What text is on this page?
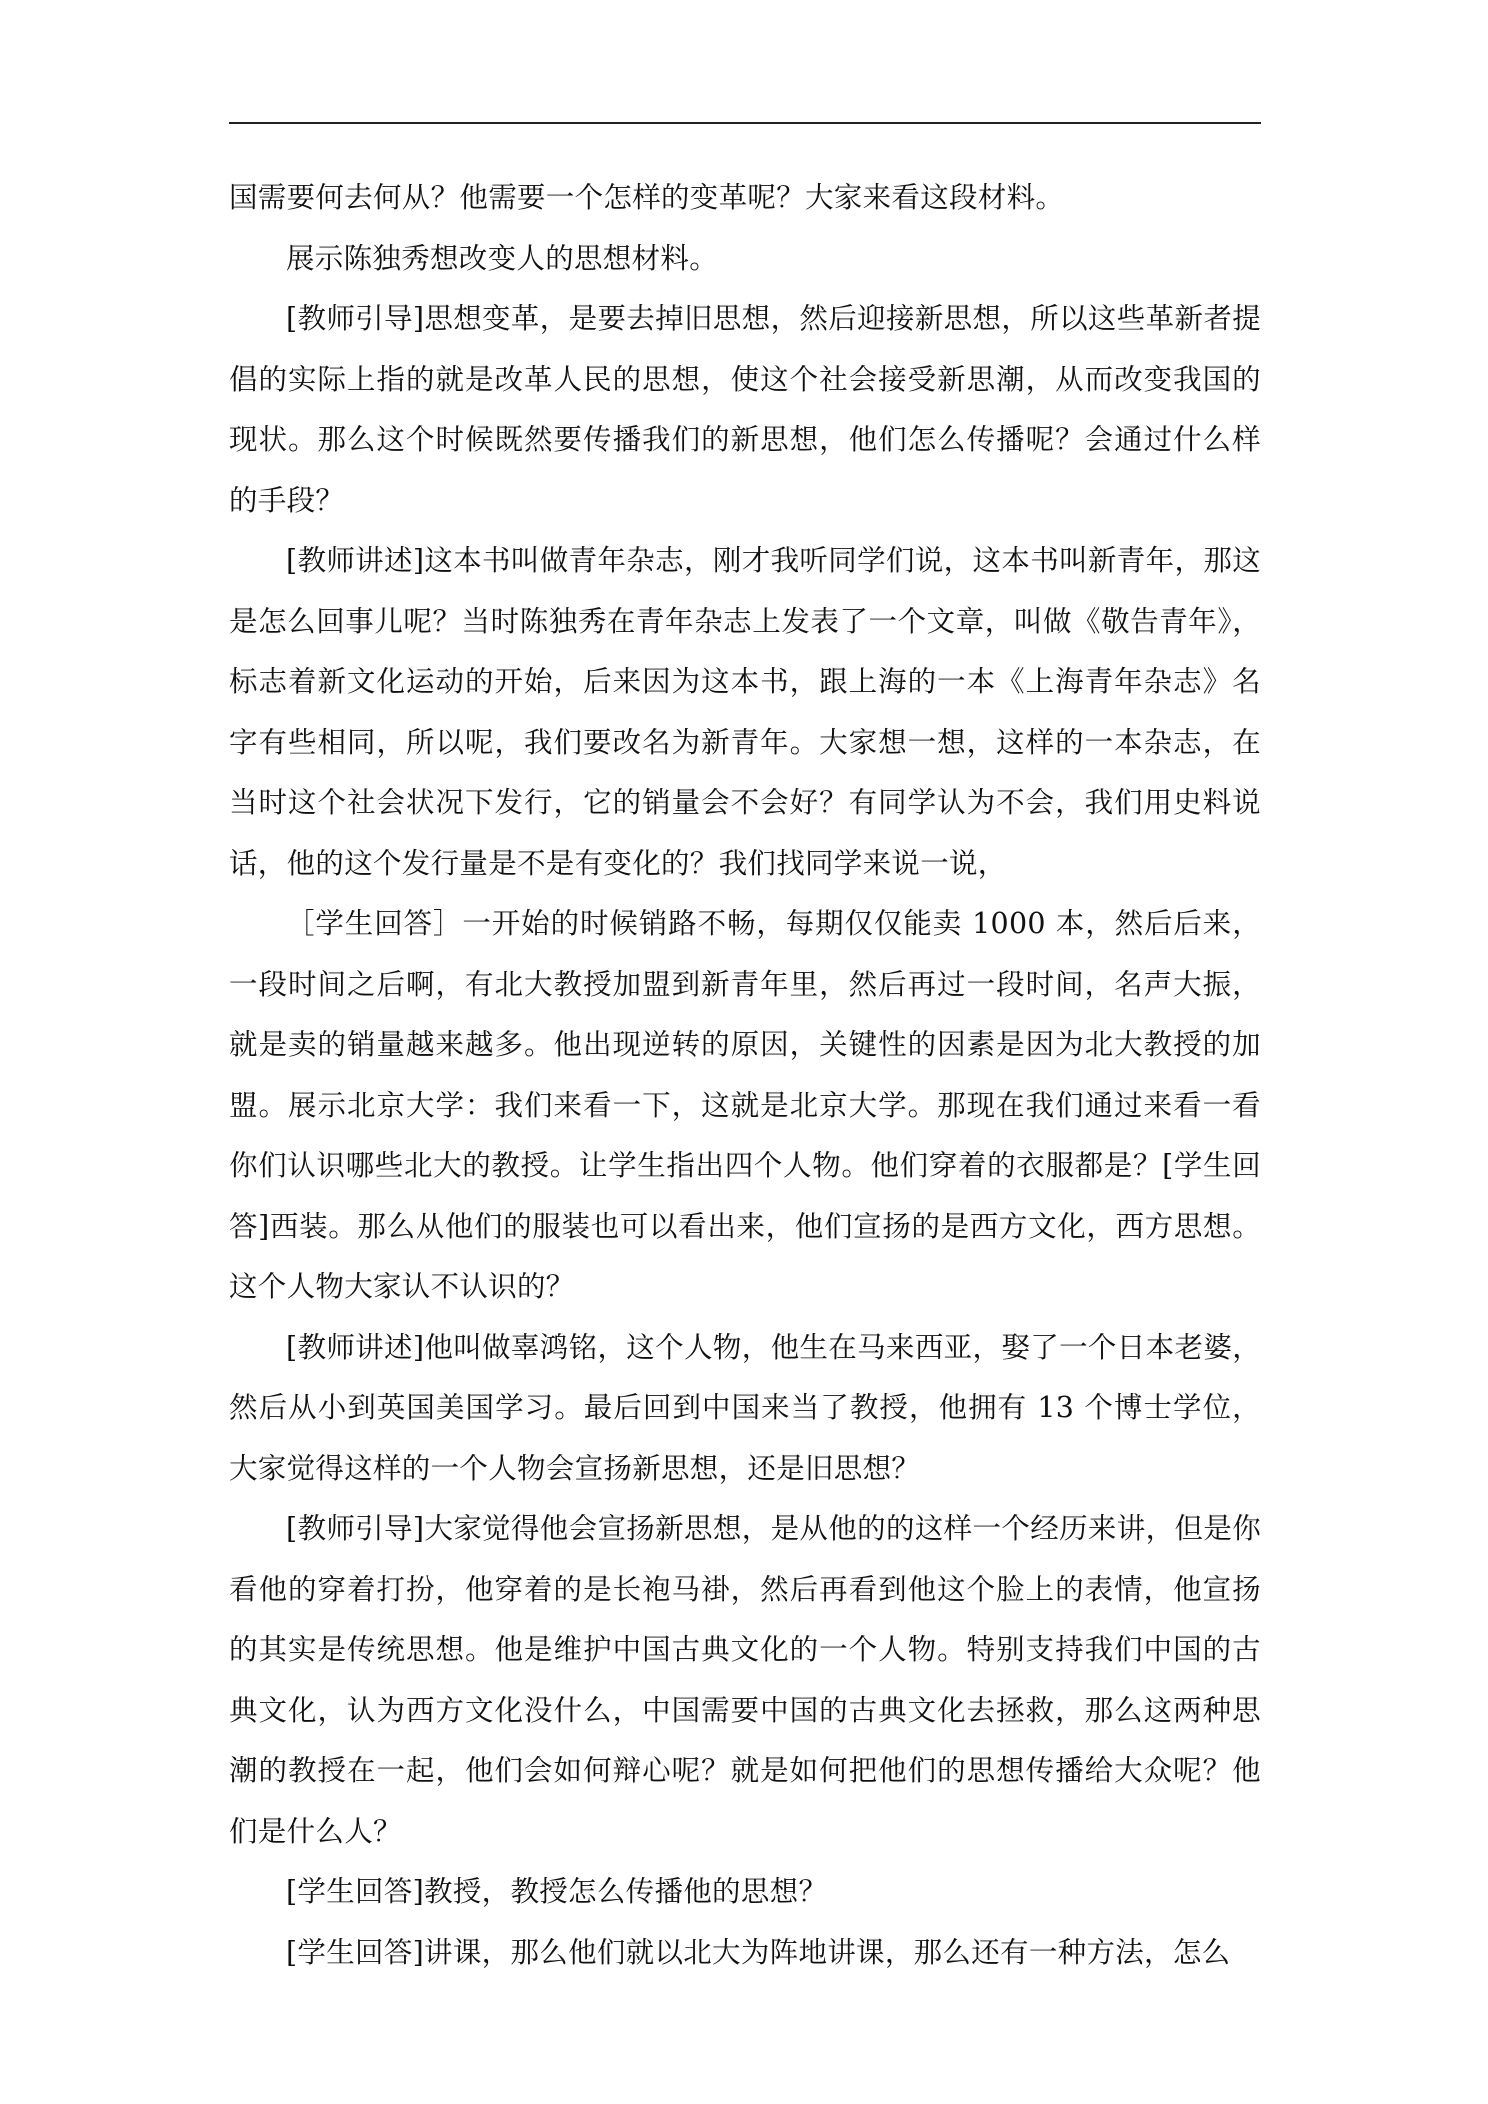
国需要何去何从？他需要一个怎样的变革呢？大家来看这段材料。

展示陈独秀想改变人的思想材料。

[教师引导]思想变革，是要去掉旧思想，然后迎接新思想，所以这些革新者提倡的实际上指的就是改革人民的思想，使这个社会接受新思潮，从而改变我国的现状。那么这个时候既然要传播我们的新思想，他们怎么传播呢？会通过什么样的手段？

[教师讲述]这本书叫做青年杂志，刚才我听同学们说，这本书叫新青年，那这是怎么回事儿呢？当时陈独秀在青年杂志上发表了一个文章，叫做《敬告青年》，标志着新文化运动的开始，后来因为这本书，跟上海的一本《上海青年杂志》名字有些相同，所以呢，我们要改名为新青年。大家想一想，这样的一本杂志，在当时这个社会状况下发行，它的销量会不会好？有同学认为不会，我们用史料说话，他的这个发行量是不是有变化的？我们找同学来说一说，

［学生回答］一开始的时候销路不畅，每期仅仅能卖 1000 本，然后后来，一段时间之后啊，有北大教授加盟到新青年里，然后再过一段时间，名声大振，就是卖的销量越来越多。他出现逆转的原因，关键性的因素是因为北大教授的加盟。展示北京大学：我们来看一下，这就是北京大学。那现在我们通过来看一看你们认识哪些北大的教授。让学生指出四个人物。他们穿着的衣服都是？[学生回答]西装。那么从他们的服装也可以看出来，他们宣扬的是西方文化，西方思想。这个人物大家认不认识的？

[教师讲述]他叫做辜鸿铭，这个人物，他生在马来西亚，娶了一个日本老婆，然后从小到英国美国学习。最后回到中国来当了教授，他拥有 13 个博士学位，大家觉得这样的一个人物会宣扬新思想，还是旧思想？

[教师引导]大家觉得他会宣扬新思想，是从他的的这样一个经历来讲，但是你看他的穿着打扮，他穿着的是长袍马褂，然后再看到他这个脸上的表情，他宣扬的其实是传统思想。他是维护中国古典文化的一个人物。特别支持我们中国的古典文化，认为西方文化没什么，中国需要中国的古典文化去拯救，那么这两种思潮的教授在一起，他们会如何辩心呢？就是如何把他们的思想传播给大众呢？他们是什么人？

[学生回答]教授，教授怎么传播他的思想？

[学生回答]讲课，那么他们就以北大为阵地讲课，那么还有一种方法，怎么
